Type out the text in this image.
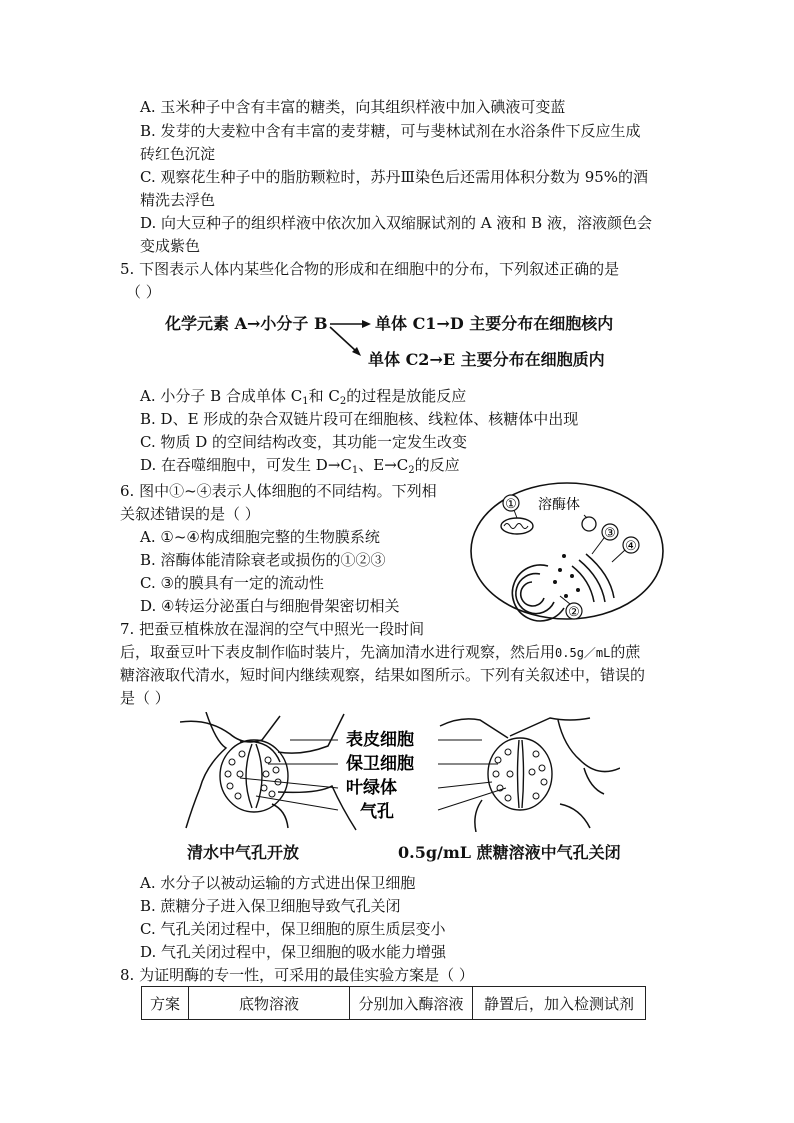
A. 玉米种子中含有丰富的糖类，向其组织样液中加入碘液可变蓝
B. 发芽的大麦粒中含有丰富的麦芽糖，可与斐林试剂在水浴条件下反应生成
砖红色沉淀
C. 观察花生种子中的脂肪颗粒时，苏丹Ⅲ染色后还需用体积分数为 95%的酒
精洗去浮色
D. 向大豆种子的组织样液中依次加入双缩脲试剂的 A 液和 B 液，溶液颜色会
变成紫色
5. 下图表示人体内某些化合物的形成和在细胞中的分布，下列叙述正确的是
（ ）
化学元素 A→小分子 B	单体 C1→D 主要分布在细胞核内
单体 C2→E 主要分布在细胞质内
A. 小分子 B 合成单体 $C_1$和 $C_2$的过程是放能反应
B. D、E 形成的杂合双链片段可在细胞核、线粒体、核糖体中出现
C. 物质 D 的空间结构改变，其功能一定发生改变
D. 在吞噬细胞中，可发生 $D\to C_1$、$E\to C_2$的反应
6. 图中①~④表示人体细胞的不同结构。下列相
关叙述错误的是（ ）
A. ①~④构成细胞完整的生物膜系统
B. 溶酶体能清除衰老或损伤的①②③
C. ③的膜具有一定的流动性
D. ④转运分泌蛋白与细胞骨架密切相关
① 溶酶体
③
④
②
7. 把蚕豆植株放在湿润的空气中照光一段时间
后，取蚕豆叶下表皮制作临时装片，先滴加清水进行观察，然后用0.5g／mL的蔗
糖溶液取代清水，短时间内继续观察，结果如图所示。下列有关叙述中，错误的
是（ ）
表皮细胞
保卫细胞
叶绿体
气孔
清水中气孔开放	0.5g/mL 蔗糖溶液中气孔关闭
A. 水分子以被动运输的方式进出保卫细胞
B. 蔗糖分子进入保卫细胞导致气孔关闭
C. 气孔关闭过程中，保卫细胞的原生质层变小
D. 气孔关闭过程中，保卫细胞的吸水能力增强
8. 为证明酶的专一性，可采用的最佳实验方案是（ ）
方案	底物溶液	分别加入酶溶液	静置后，加入检测试剂
